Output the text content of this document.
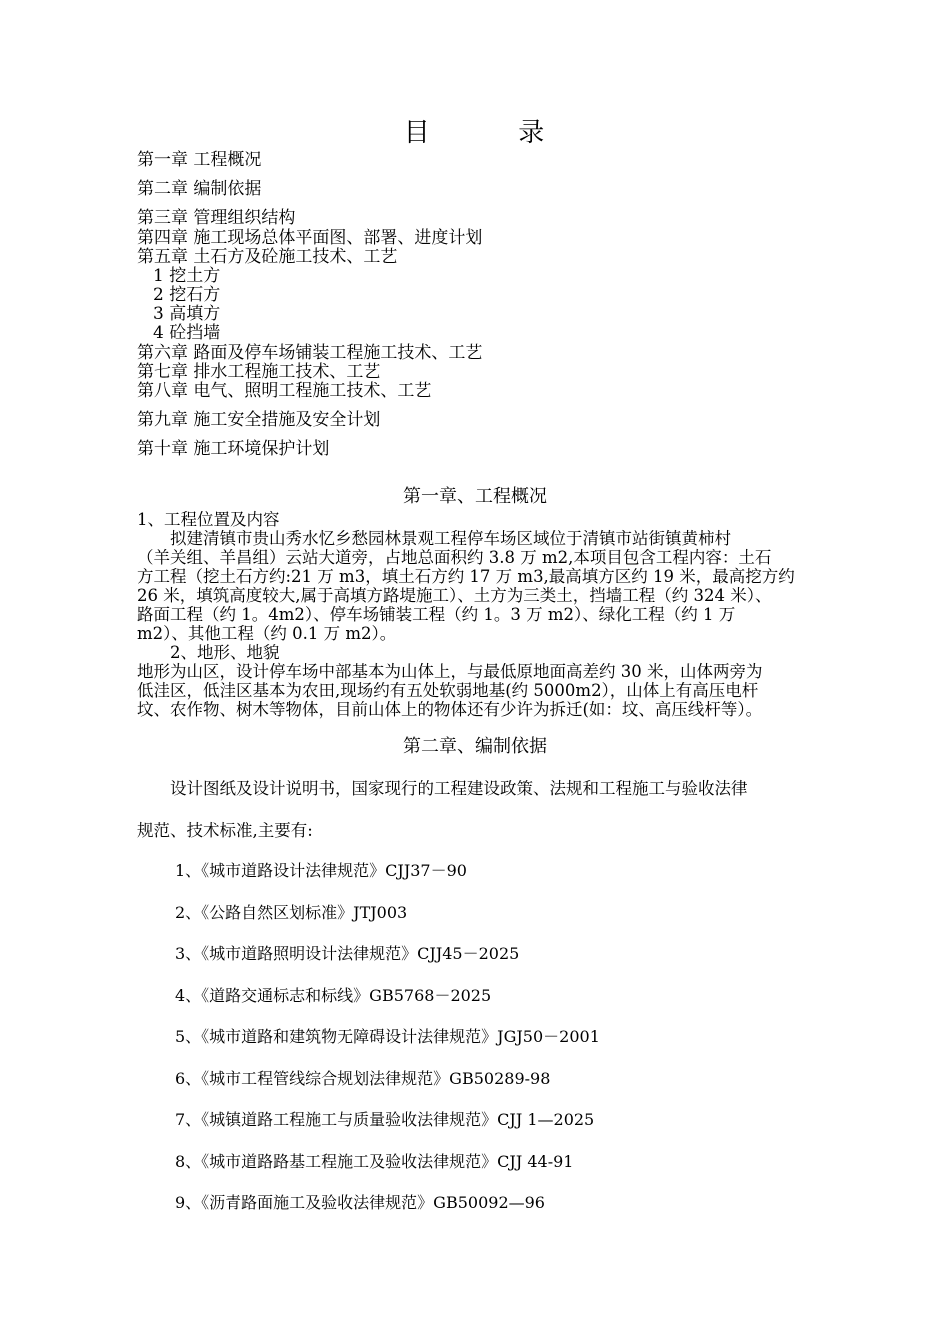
目	录
第一章 工程概况
第二章 编制依据
第三章 管理组织结构
第四章 施工现场总体平面图、部署、进度计划
第五章 土石方及砼施工技术、工艺
1 挖土方
2 挖石方
3 高填方
4 砼挡墙
第六章 路面及停车场铺装工程施工技术、工艺
第七章 排水工程施工技术、工艺
第八章 电气、照明工程施工技术、工艺
第九章 施工安全措施及安全计划
第十章 施工环境保护计划
第一章、工程概况
1、工程位置及内容
　　拟建清镇市贵山秀水忆乡愁园林景观工程停车场区域位于清镇市站街镇黄柿村
（羊关组、羊昌组）云站大道旁，占地总面积约 3.8 万 m2,本项目包含工程内容：土石
方工程（挖土石方约:21 万 m3，填土石方约 17 万 m3,最高填方区约 19 米，最高挖方约
26 米，填筑高度较大,属于高填方路堤施工）、土方为三类土，挡墙工程（约 324 米）、
路面工程（约 1。4m2）、停车场铺装工程（约 1。3 万 m2）、绿化工程（约 1 万
m2）、其他工程（约 0.1 万 m2）。
　　2、地形、地貌
地形为山区，设计停车场中部基本为山体上，与最低原地面高差约 30 米，山体两旁为
低洼区，低洼区基本为农田,现场约有五处软弱地基(约 5000m2），山体上有高压电杆
坟、农作物、树木等物体，目前山体上的物体还有少许为拆迁(如：坟、高压线杆等）。
第二章、编制依据
　　设计图纸及设计说明书，国家现行的工程建设政策、法规和工程施工与验收法律
规范、技术标准,主要有:
1、《城市道路设计法律规范》CJJ37－90
2、《公路自然区划标准》JTJ003
3、《城市道路照明设计法律规范》CJJ45－2025
4、《道路交通标志和标线》GB5768－2025
5、《城市道路和建筑物无障碍设计法律规范》JGJ50－2001
6、《城市工程管线综合规划法律规范》GB50289-98
7、《城镇道路工程施工与质量验收法律规范》CJJ 1—2025
8、《城市道路路基工程施工及验收法律规范》CJJ 44-91
9、《沥青路面施工及验收法律规范》GB50092—96
